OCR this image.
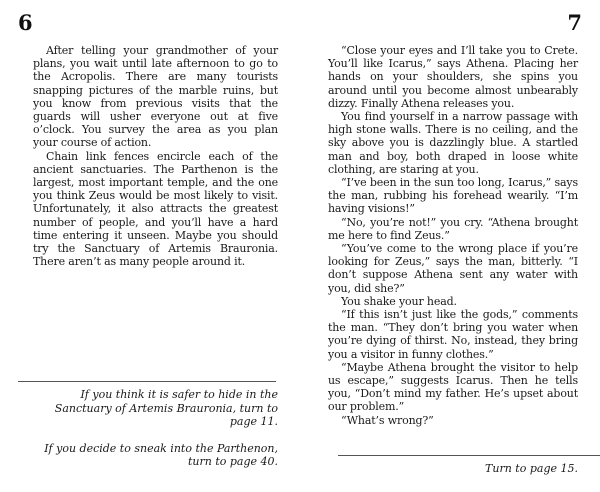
6

After telling your grandmother of your plans, you wait until late afternoon to go to the Acropolis. There are many tourists snapping pictures of the marble ruins, but you know from previous visits that the guards will usher everyone out at five o’clock. You survey the area as you plan your course of action.

Chain link fences encircle each of the ancient sanctuaries. The Parthenon is the largest, most important temple, and the one you think Zeus would be most likely to visit. Unfortunately, it also attracts the greatest number of people, and you’ll have a hard time entering it unseen. Maybe you should try the Sanctuary of Artemis Brauronia. There aren’t as many people around it.

If you think it is safer to hide in the Sanctuary of Artemis Brauronia, turn to page 11.

If you decide to sneak into the Parthenon, turn to page 40.

7

“Close your eyes and I’ll take you to Crete. You’ll like Icarus,” says Athena. Placing her hands on your shoulders, she spins you around until you become almost unbearably dizzy. Finally Athena releases you.

You find yourself in a narrow passage with high stone walls. There is no ceiling, and the sky above you is dazzlingly blue. A startled man and boy, both draped in loose white clothing, are staring at you.

“I’ve been in the sun too long, Icarus,” says the man, rubbing his forehead wearily. “I’m having visions!”

“No, you’re not!” you cry. “Athena brought me here to find Zeus.”

“You’ve come to the wrong place if you’re looking for Zeus,” says the man, bitterly. “I don’t suppose Athena sent any water with you, did she?”

You shake your head.

“If this isn’t just like the gods,” comments the man. “They don’t bring you water when you’re dying of thirst. No, instead, they bring you a visitor in funny clothes.”

“Maybe Athena brought the visitor to help us escape,” suggests Icarus. Then he tells you, “Don’t mind my father. He’s upset about our problem.”

“What’s wrong?”

Turn to page 15.
